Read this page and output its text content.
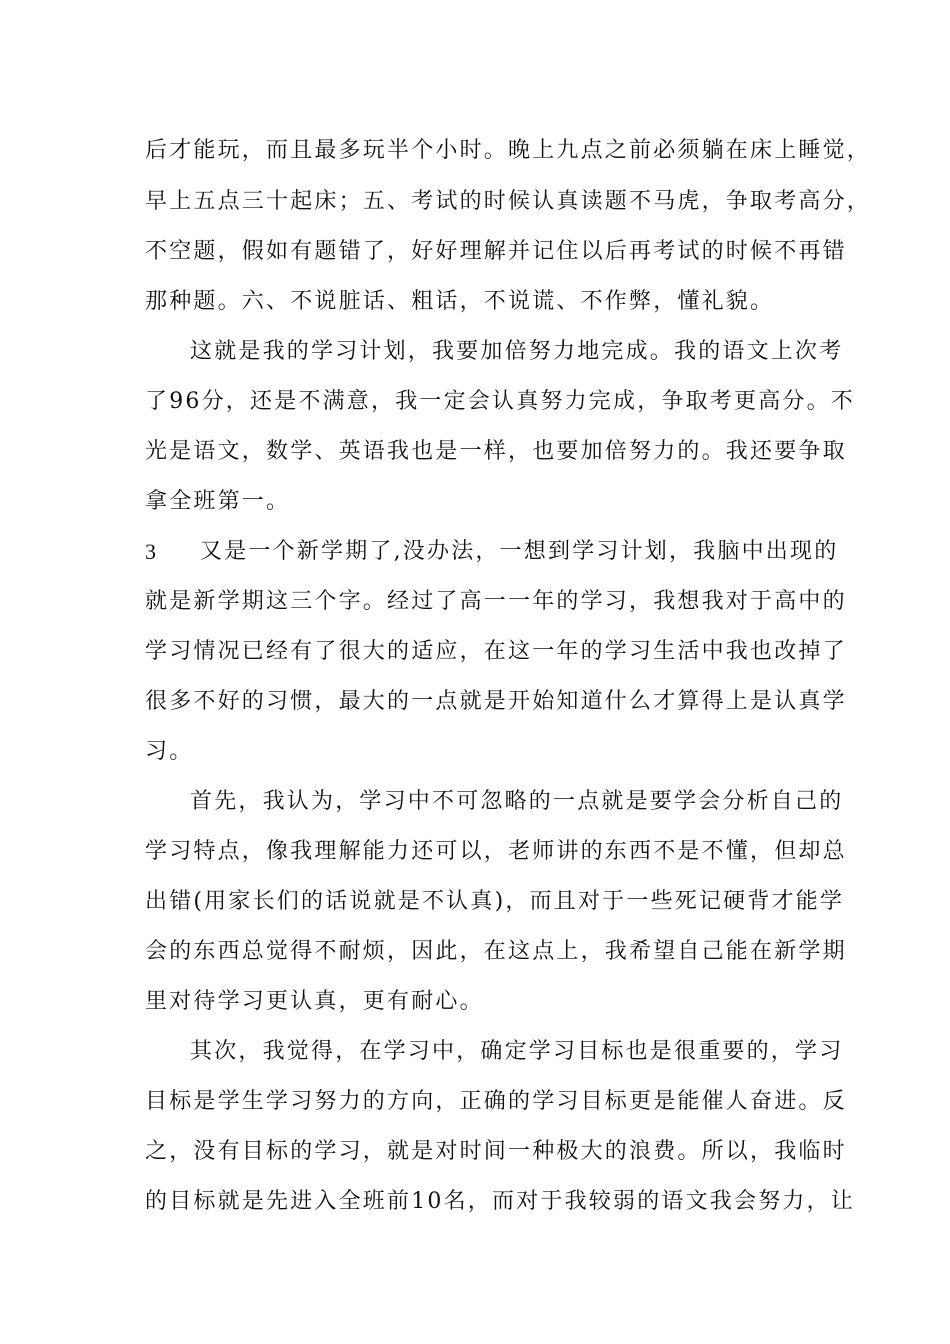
后才能玩，而且最多玩半个小时。晚上九点之前必须躺在床上睡觉，
早上五点三十起床；五、考试的时候认真读题不马虎，争取考高分，
不空题，假如有题错了，好好理解并记住以后再考试的时候不再错
那种题。六、不说脏话、粗话，不说谎、不作弊，懂礼貌。
这就是我的学习计划，我要加倍努力地完成。我的语文上次考
了96分，还是不满意，我一定会认真努力完成，争取考更高分。不
光是语文，数学、英语我也是一样，也要加倍努力的。我还要争取
拿全班第一。
3 又是一个新学期了,没办法，一想到学习计划，我脑中出现的
就是新学期这三个字。经过了高一一年的学习，我想我对于高中的
学习情况已经有了很大的适应，在这一年的学习生活中我也改掉了
很多不好的习惯，最大的一点就是开始知道什么才算得上是认真学
习。
首先，我认为，学习中不可忽略的一点就是要学会分析自己的
学习特点，像我理解能力还可以，老师讲的东西不是不懂，但却总
出错(用家长们的话说就是不认真)，而且对于一些死记硬背才能学
会的东西总觉得不耐烦，因此，在这点上，我希望自己能在新学期
里对待学习更认真，更有耐心。
其次，我觉得，在学习中，确定学习目标也是很重要的，学习
目标是学生学习努力的方向，正确的学习目标更是能催人奋进。反
之，没有目标的学习，就是对时间一种极大的浪费。所以，我临时
的目标就是先进入全班前10名，而对于我较弱的语文我会努力，让
